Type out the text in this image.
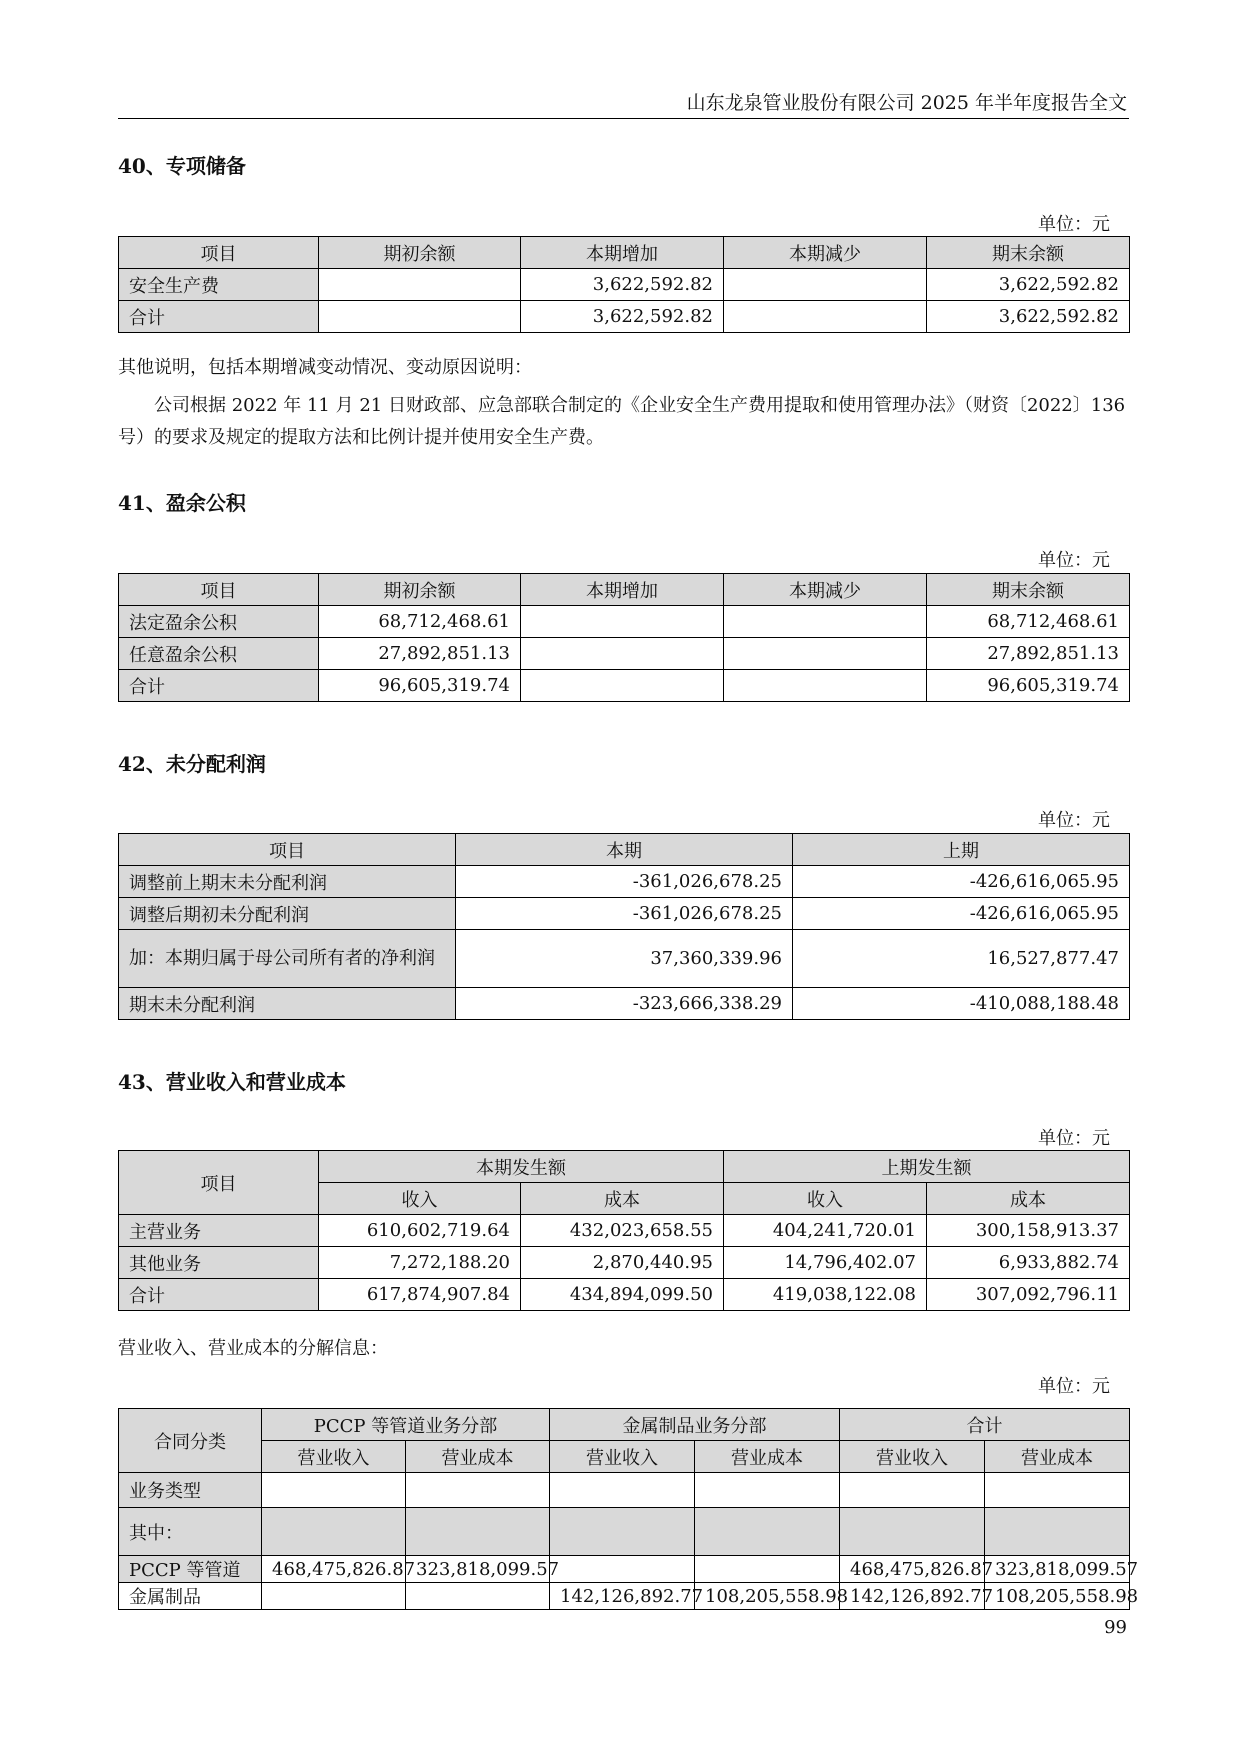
山东龙泉管业股份有限公司 2025 年半年度报告全文
40、专项储备
单位：元
项目	期初余额	本期增加	本期减少	期末余额
安全生产费		3,622,592.82		3,622,592.82
合计		3,622,592.82		3,622,592.82
其他说明，包括本期增减变动情况、变动原因说明：
公司根据 2022 年 11 月 21 日财政部、应急部联合制定的《企业安全生产费用提取和使用管理办法》（财资〔2022〕136 号）的要求及规定的提取方法和比例计提并使用安全生产费。
41、盈余公积
单位：元
项目	期初余额	本期增加	本期减少	期末余额
法定盈余公积	68,712,468.61			68,712,468.61
任意盈余公积	27,892,851.13			27,892,851.13
合计	96,605,319.74			96,605,319.74
42、未分配利润
单位：元
项目	本期	上期
调整前上期末未分配利润	-361,026,678.25	-426,616,065.95
调整后期初未分配利润	-361,026,678.25	-426,616,065.95
加：本期归属于母公司所有者的净利润	37,360,339.96	16,527,877.47
期末未分配利润	-323,666,338.29	-410,088,188.48
43、营业收入和营业成本
单位：元
项目	本期发生额		上期发生额	
	收入	成本	收入	成本
主营业务	610,602,719.64	432,023,658.55	404,241,720.01	300,158,913.37
其他业务	7,272,188.20	2,870,440.95	14,796,402.07	6,933,882.74
合计	617,874,907.84	434,894,099.50	419,038,122.08	307,092,796.11
营业收入、营业成本的分解信息：
单位：元
合同分类	PCCP 等管道业务分部		金属制品业务分部		合计	
	营业收入	营业成本	营业收入	营业成本	营业收入	营业成本
业务类型						
其中：						
PCCP 等管道	468,475,826.87	323,818,099.57			468,475,826.87	323,818,099.57
金属制品			142,126,892.77	108,205,558.98	142,126,892.77	108,205,558.98
99
